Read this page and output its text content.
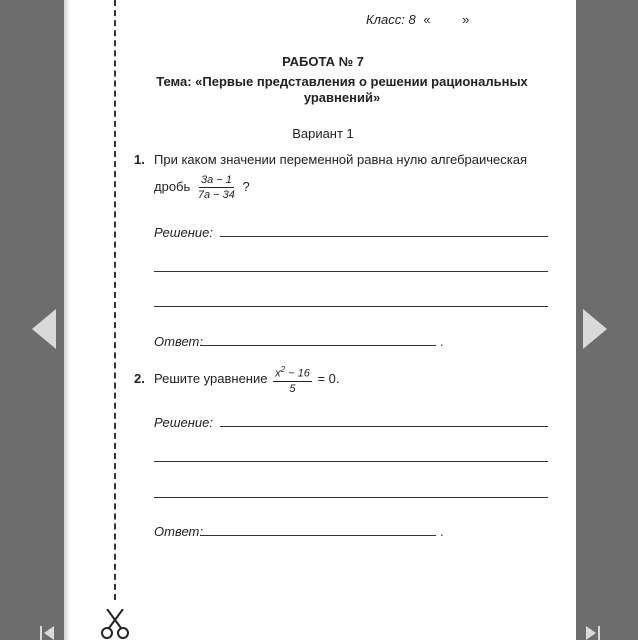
Класс: 8 « »
РАБОТА № 7
Тема: «Первые представления о решении рациональных уравнений»
Вариант 1
1. При каком значении переменной равна нулю алгебраическая
дробь $\frac{3a - 1}{7a - 34}$ ?
Решение:
Ответ:	.
2. Решите уравнение $\frac{x^2 - 16}{5} = 0$.
Решение:
Ответ:	.
